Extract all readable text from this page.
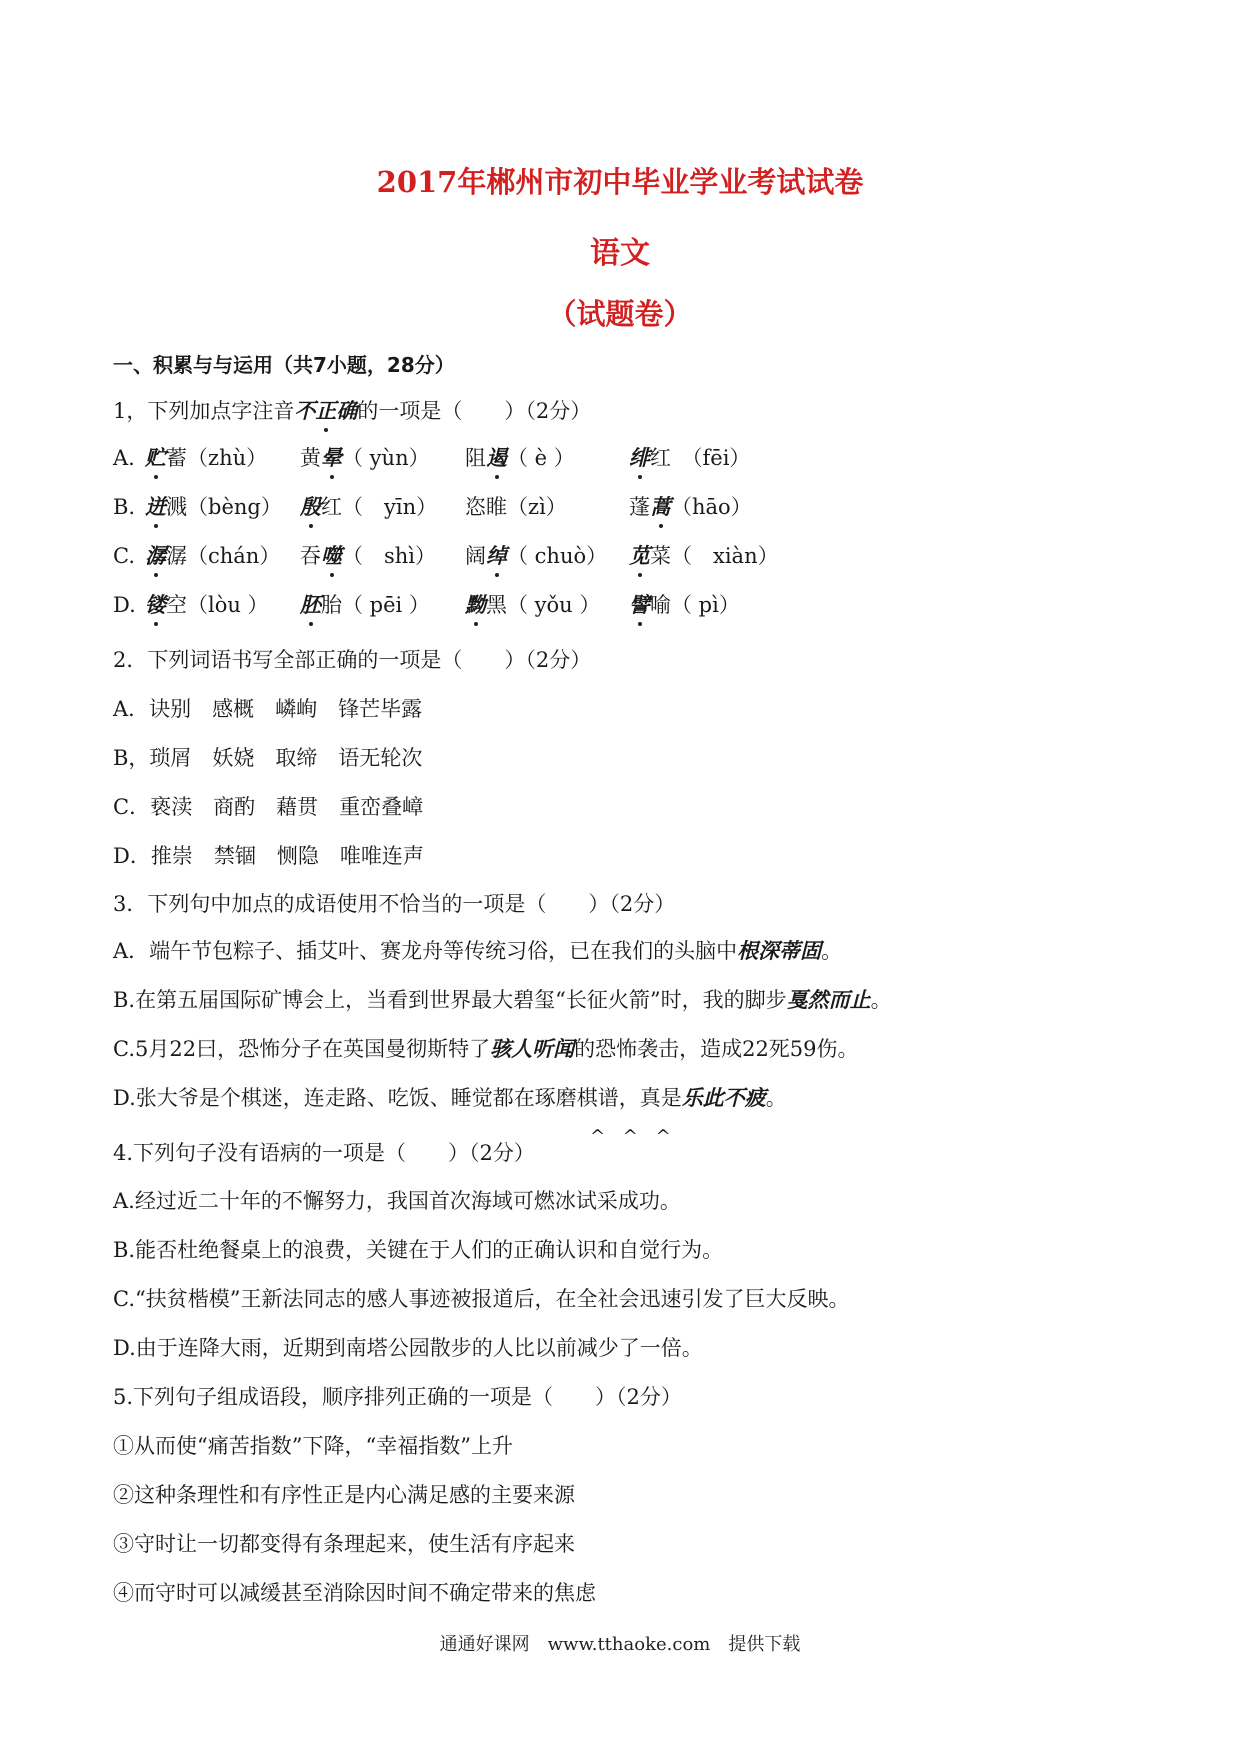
2017年郴州市初中毕业学业考试试卷
语文
（试题卷）
一、积累与与运用（共7小题，28分）
1，下列加点字注音不正确的一项是（　　）（2分）
A. 贮蓄（zhù） 黄晕（ yùn） 阻遏（ è ）	绯红　（fēi）
B. 迸溅（bèng） 殷红（　yīn） 恣睢（zì）	蓬蒿（hāo）
C. 潺潺（chán） 吞噬（　shì） 阔绰（ chuò） 苋菜（　xiàn）
D. 镂空（lòu ） 胚胎（ pēi ） 黝黑（ yǒu ） 譬喻（ pì）
2．下列词语书写全部正确的一项是（　　）（2分）
A．诀别　感概　嶙峋　锋芒毕露
B，琐屑　妖娆　取缔　语无轮次
C．亵渎　商酌　藉贯　重峦叠嶂
D．推崇　禁锢　恻隐　唯唯连声
3．下列句中加点的成语使用不恰当的一项是（　　）（2分）
A．端午节包粽子、插艾叶、赛龙舟等传统习俗，已在我们的头脑中根深蒂固。
B.在第五届国际矿博会上，当看到世界最大碧玺“长征火箭”时，我的脚步戛然而止。
C.5月22曰，恐怖分子在英国曼彻斯特了骇人听闻的恐怖袭击，造成22死59伤。
D.张大爷是个棋迷，连走路、吃饭、睡觉都在琢磨棋谱，真是乐此不疲。
4.下列句子没有语病的一项是（　　）（2分）
^ ^ ^
A.经过近二十年的不懈努力，我国首次海域可燃冰试采成功。
B.能否杜绝餐桌上的浪费，关键在于人们的正确认识和自觉行为。
C.“扶贫楷模”王新法同志的感人事迹被报道后，在全社会迅速引发了巨大反映。
D.由于连降大雨，近期到南塔公园散步的人比以前减少了一倍。
5.下列句子组成语段，顺序排列正确的一项是（　　）（2分）
①从而使“痛苦指数”下降，“幸福指数”上升
②这种条理性和有序性正是内心满足感的主要来源
③守时让一切都变得有条理起来，使生活有序起来
④而守时可以减缓甚至消除因时间不确定带来的焦虑
通通好课网　www.tthaoke.com　提供下载
